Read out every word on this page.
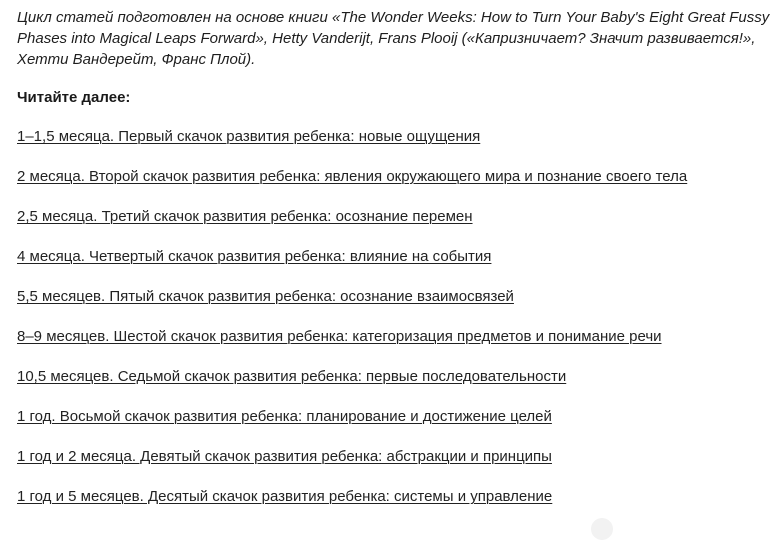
Цикл статей подготовлен на основе книги «The Wonder Weeks: How to Turn Your Baby's Eight Great Fussy Phases into Magical Leaps Forward», Hetty Vanderijt, Frans Plooij («Капризничает? Значит развивается!», Хетти Вандерейт, Франс Плой).

Читайте далее:

1–1,5 месяца. Первый скачок развития ребенка: новые ощущения
2 месяца. Второй скачок развития ребенка: явления окружающего мира и познание своего тела
2,5 месяца. Третий скачок развития ребенка: осознание перемен
4 месяца. Четвертый скачок развития ребенка: влияние на события
5,5 месяцев. Пятый скачок развития ребенка: осознание взаимосвязей
8–9 месяцев. Шестой скачок развития ребенка: категоризация предметов и понимание речи
10,5 месяцев. Седьмой скачок развития ребенка: первые последовательности
1 год. Восьмой скачок развития ребенка: планирование и достижение целей
1 год и 2 месяца. Девятый скачок развития ребенка: абстракции и принципы
1 год и 5 месяцев. Десятый скачок развития ребенка: системы и управление
